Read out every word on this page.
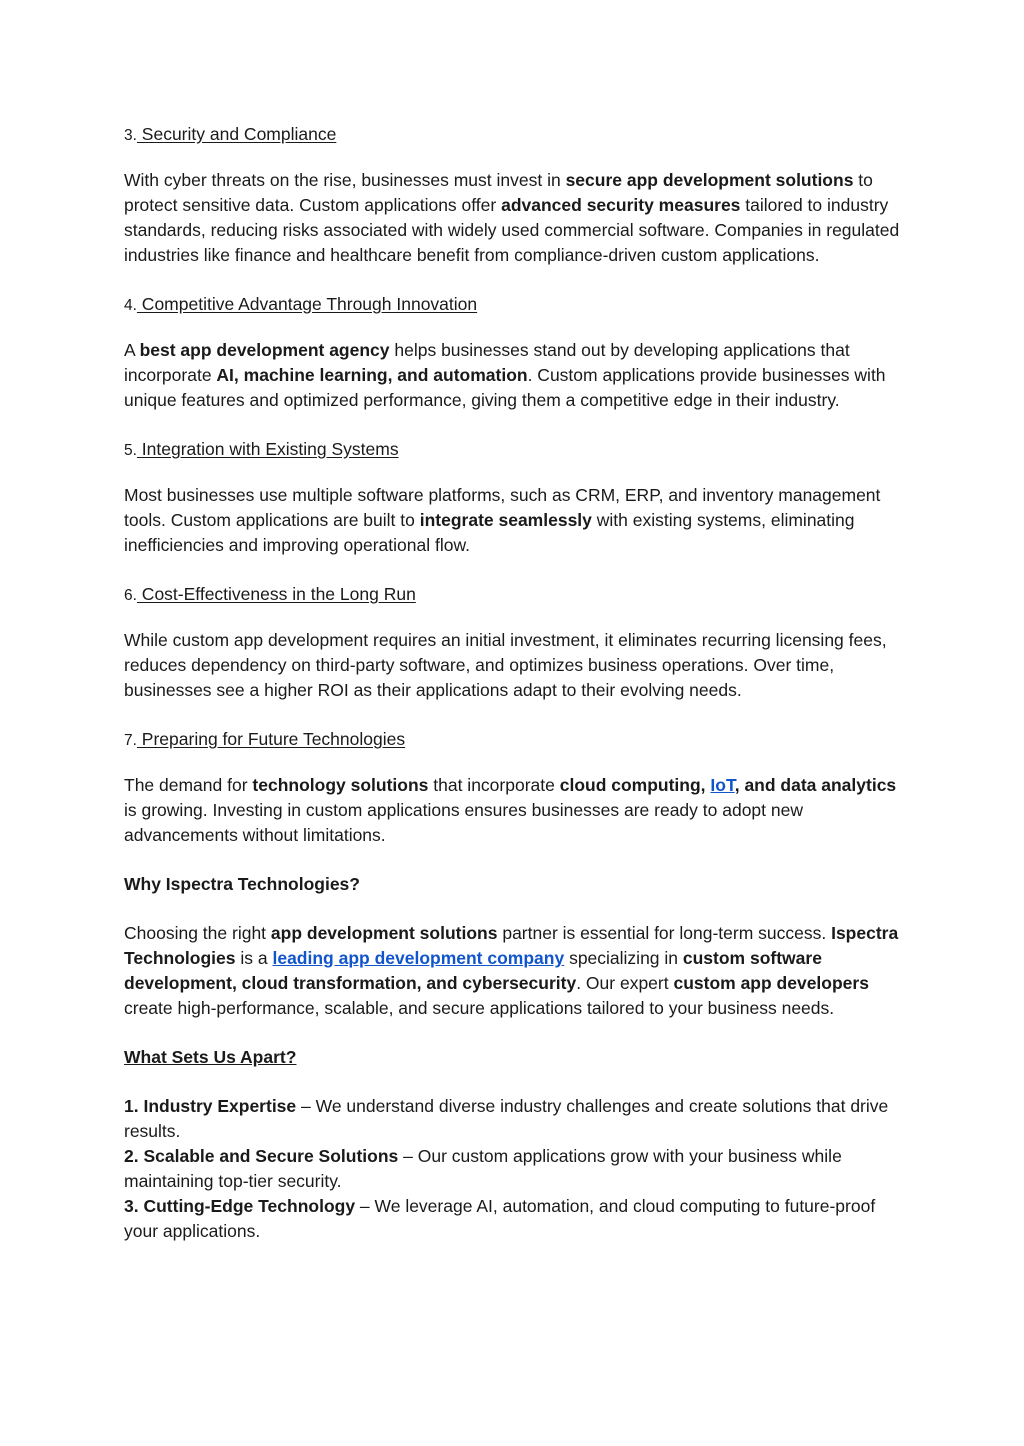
3. Security and Compliance

With cyber threats on the rise, businesses must invest in secure app development solutions to protect sensitive data. Custom applications offer advanced security measures tailored to industry standards, reducing risks associated with widely used commercial software. Companies in regulated industries like finance and healthcare benefit from compliance-driven custom applications.

4. Competitive Advantage Through Innovation

A best app development agency helps businesses stand out by developing applications that incorporate AI, machine learning, and automation. Custom applications provide businesses with unique features and optimized performance, giving them a competitive edge in their industry.

5. Integration with Existing Systems

Most businesses use multiple software platforms, such as CRM, ERP, and inventory management tools. Custom applications are built to integrate seamlessly with existing systems, eliminating inefficiencies and improving operational flow.

6. Cost-Effectiveness in the Long Run

While custom app development requires an initial investment, it eliminates recurring licensing fees, reduces dependency on third-party software, and optimizes business operations. Over time, businesses see a higher ROI as their applications adapt to their evolving needs.

7. Preparing for Future Technologies

The demand for technology solutions that incorporate cloud computing, IoT, and data analytics is growing. Investing in custom applications ensures businesses are ready to adopt new advancements without limitations.

Why Ispectra Technologies?

Choosing the right app development solutions partner is essential for long-term success. Ispectra Technologies is a leading app development company specializing in custom software development, cloud transformation, and cybersecurity. Our expert custom app developers create high-performance, scalable, and secure applications tailored to your business needs.

What Sets Us Apart?

1. Industry Expertise – We understand diverse industry challenges and create solutions that drive results.

2. Scalable and Secure Solutions – Our custom applications grow with your business while maintaining top-tier security.

3. Cutting-Edge Technology – We leverage AI, automation, and cloud computing to future-proof your applications.
